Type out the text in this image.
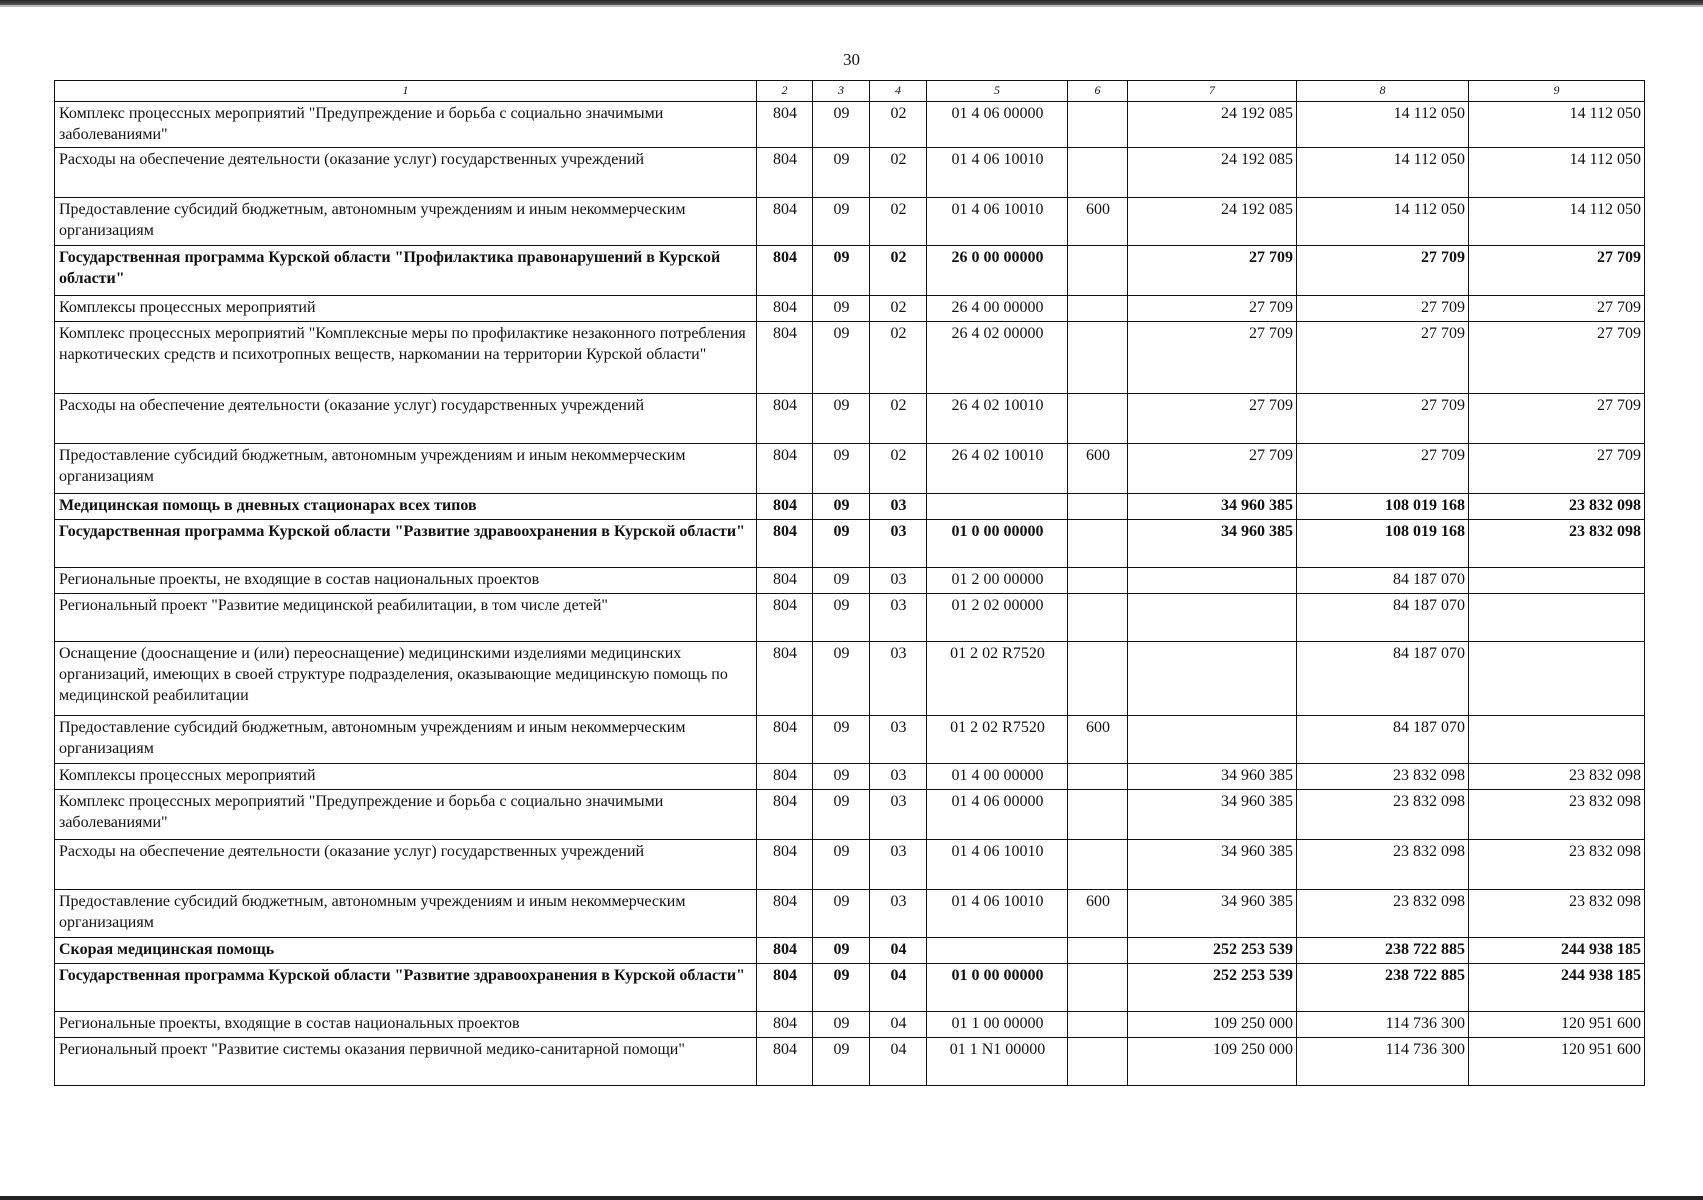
30
1	2	3	4	5	6	7	8	9
Комплекс процессных мероприятий "Предупреждение и борьба с социально значимыми заболеваниями"	804	09	02	01 4 06 00000		24 192 085	14 112 050	14 112 050
Расходы на обеспечение деятельности (оказание услуг) государственных учреждений	804	09	02	01 4 06 10010		24 192 085	14 112 050	14 112 050
Предоставление субсидий бюджетным, автономным учреждениям и иным некоммерческим организациям	804	09	02	01 4 06 10010	600	24 192 085	14 112 050	14 112 050
Государственная программа Курской области "Профилактика правонарушений в Курской области"	804	09	02	26 0 00 00000		27 709	27 709	27 709
Комплексы процессных мероприятий	804	09	02	26 4 00 00000		27 709	27 709	27 709
Комплекс процессных мероприятий "Комплексные меры по профилактике незаконного потребления наркотических средств и психотропных веществ, наркомании на территории Курской области"	804	09	02	26 4 02 00000		27 709	27 709	27 709
Расходы на обеспечение деятельности (оказание услуг) государственных учреждений	804	09	02	26 4 02 10010		27 709	27 709	27 709
Предоставление субсидий бюджетным, автономным учреждениям и иным некоммерческим организациям	804	09	02	26 4 02 10010	600	27 709	27 709	27 709
Медицинская помощь в дневных стационарах всех типов	804	09	03			34 960 385	108 019 168	23 832 098
Государственная программа Курской области "Развитие здравоохранения в Курской области"	804	09	03	01 0 00 00000		34 960 385	108 019 168	23 832 098
Региональные проекты, не входящие в состав национальных проектов	804	09	03	01 2 00 00000			84 187 070	
Региональный проект "Развитие медицинской реабилитации, в том числе детей"	804	09	03	01 2 02 00000			84 187 070	
Оснащение (дооснащение и (или) переоснащение) медицинскими изделиями медицинских организаций, имеющих в своей структуре подразделения, оказывающие медицинскую помощь по медицинской реабилитации	804	09	03	01 2 02 R7520			84 187 070	
Предоставление субсидий бюджетным, автономным учреждениям и иным некоммерческим организациям	804	09	03	01 2 02 R7520	600		84 187 070	
Комплексы процессных мероприятий	804	09	03	01 4 00 00000		34 960 385	23 832 098	23 832 098
Комплекс процессных мероприятий "Предупреждение и борьба с социально значимыми заболеваниями"	804	09	03	01 4 06 00000		34 960 385	23 832 098	23 832 098
Расходы на обеспечение деятельности (оказание услуг) государственных учреждений	804	09	03	01 4 06 10010		34 960 385	23 832 098	23 832 098
Предоставление субсидий бюджетным, автономным учреждениям и иным некоммерческим организациям	804	09	03	01 4 06 10010	600	34 960 385	23 832 098	23 832 098
Скорая медицинская помощь	804	09	04			252 253 539	238 722 885	244 938 185
Государственная программа Курской области "Развитие здравоохранения в Курской области"	804	09	04	01 0 00 00000		252 253 539	238 722 885	244 938 185
Региональные проекты, входящие в состав национальных проектов	804	09	04	01 1 00 00000		109 250 000	114 736 300	120 951 600
Региональный проект "Развитие системы оказания первичной медико-санитарной помощи"	804	09	04	01 1 N1 00000		109 250 000	114 736 300	120 951 600
